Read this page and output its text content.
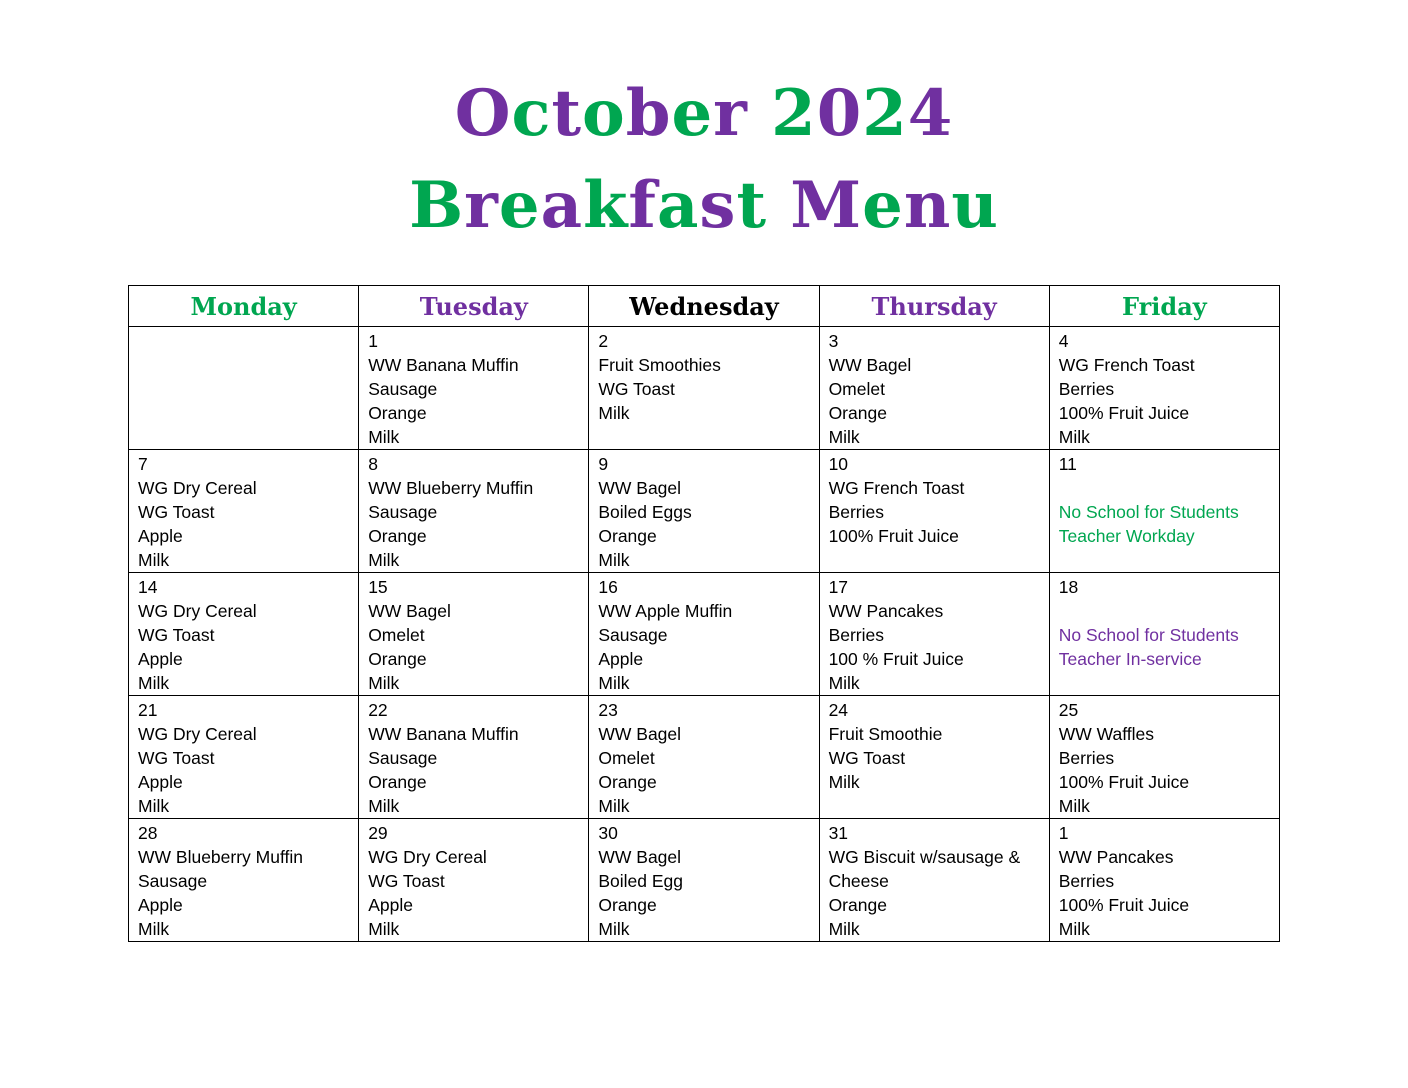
October 2024
Breakfast Menu
Monday	Tuesday	Wednesday	Thursday	Friday

	1
WW Banana Muffin
Sausage
Orange
Milk	2
Fruit Smoothies
WG Toast
Milk	3
WW Bagel
Omelet
Orange
Milk	4
WG French Toast
Berries
100% Fruit Juice
Milk

7
WG Dry Cereal
WG Toast
Apple
Milk	8
WW Blueberry Muffin
Sausage
Orange
Milk	9
WW Bagel
Boiled Eggs
Orange
Milk	10
WG French Toast
Berries
100% Fruit Juice	11
No School for Students
Teacher Workday

14
WG Dry Cereal
WG Toast
Apple
Milk	15
WW Bagel
Omelet
Orange
Milk	16
WW Apple Muffin
Sausage
Apple
Milk	17
WW Pancakes
Berries
100 % Fruit Juice
Milk	18
No School for Students
Teacher In-service

21
WG Dry Cereal
WG Toast
Apple
Milk	22
WW Banana Muffin
Sausage
Orange
Milk	23
WW Bagel
Omelet
Orange
Milk	24
Fruit Smoothie
WG Toast
Milk	25
WW Waffles
Berries
100% Fruit Juice
Milk

28
WW Blueberry Muffin
Sausage
Apple
Milk	29
WG Dry Cereal
WG Toast
Apple
Milk	30
WW Bagel
Boiled Egg
Orange
Milk	31
WG Biscuit w/sausage &
Cheese
Orange
Milk	1
WW Pancakes
Berries
100% Fruit Juice
Milk
